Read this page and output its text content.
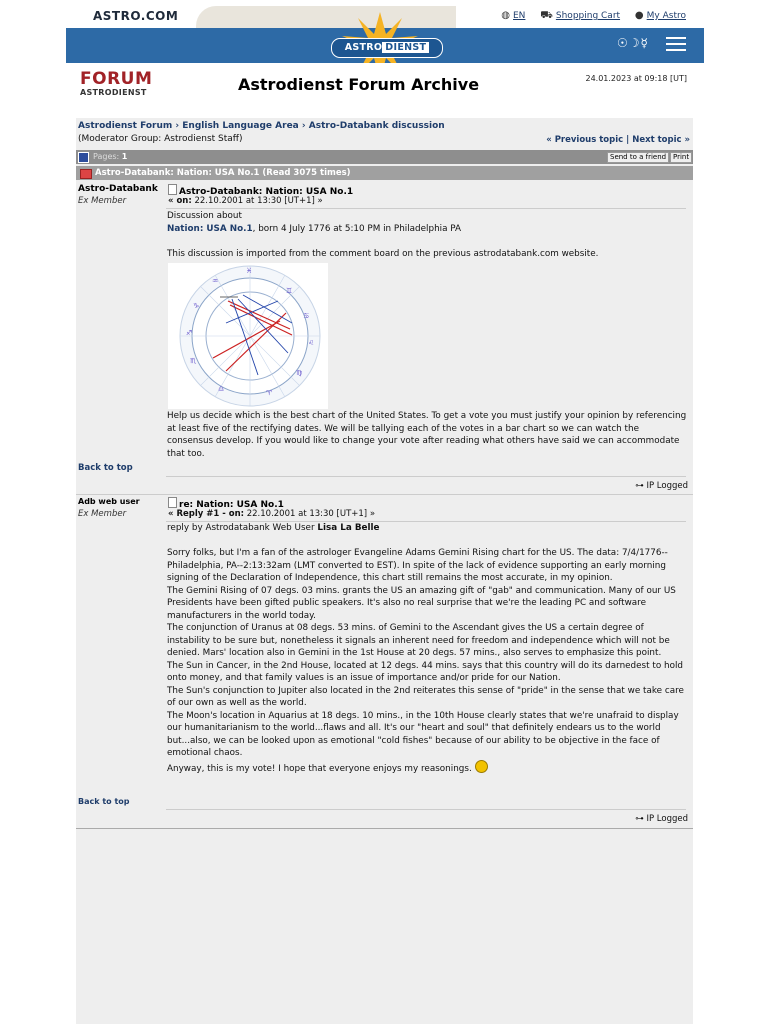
ASTRO.COM	◍ EN ⛟ Shopping Cart ● My Astro
ASTRO DIENST	☉☽☿
FORUM
ASTRODIENST	Astrodienst Forum Archive	24.01.2023 at 09:18 [UT]
Astrodienst Forum › English Language Area › Astro-Databank discussion
(Moderator Group: Astrodienst Staff)	« Previous topic | Next topic »
Pages: 1	Send to a friend Print
Astro-Databank: Nation: USA No.1 (Read 3075 times)
Astro-Databank
Ex Member
Astro-Databank: Nation: USA No.1
« on: 22.10.2001 at 13:30 [UT+1] »

Discussion about

Nation: USA No.1, born 4 July 1776 at 5:10 PM in Philadelphia PA

This discussion is imported from the comment board on the previous astrodatabank.com website.

♊
♋
♌
♍
♐
♑
♒
♓
♏
♎	♈

Help us decide which is the best chart of the United States. To get a vote you must justify your opinion by referencing at least five of the rectifying dates. We will be tallying each of the votes in a bar chart so we can watch the consensus develop. If you would like to change your vote after reading what others have said we can accommodate that too.

Back to top
⊶ IP Logged
Adb web user
Ex Member
re: Nation: USA No.1
« Reply #1 - on: 22.10.2001 at 13:30 [UT+1] »

reply by Astrodatabank Web User Lisa La Belle

Sorry folks, but I'm a fan of the astrologer Evangeline Adams Gemini Rising chart for the US. The data: 7/4/1776--Philadelphia, PA--2:13:32am (LMT converted to EST). In spite of the lack of evidence supporting an early morning signing of the Declaration of Independence, this chart still remains the most accurate, in my opinion.

The Gemini Rising of 07 degs. 03 mins. grants the US an amazing gift of "gab" and communication. Many of our US Presidents have been gifted public speakers. It's also no real surprise that we're the leading PC and software manufacturers in the world today.

The conjunction of Uranus at 08 degs. 53 mins. of Gemini to the Ascendant gives the US a certain degree of instability to be sure but, nonetheless it signals an inherent need for freedom and independence which will not be denied. Mars' location also in Gemini in the 1st House at 20 degs. 57 mins., also serves to emphasize this point.

The Sun in Cancer, in the 2nd House, located at 12 degs. 44 mins. says that this country will do its darnedest to hold onto money, and that family values is an issue of importance and/or pride for our Nation.

The Sun's conjunction to Jupiter also located in the 2nd reiterates this sense of "pride" in the sense that we take care of our own as well as the world.

The Moon's location in Aquarius at 18 degs. 10 mins., in the 10th House clearly states that we're unafraid to display our humanitarianism to the world...flaws and all. It's our "heart and soul" that definitely endears us to the world but...also, we can be looked upon as emotional "cold fishes" because of our ability to be objective in the face of emotional chaos.

Anyway, this is my vote! I hope that everyone enjoys my reasonings.

Back to top
⊶ IP Logged
